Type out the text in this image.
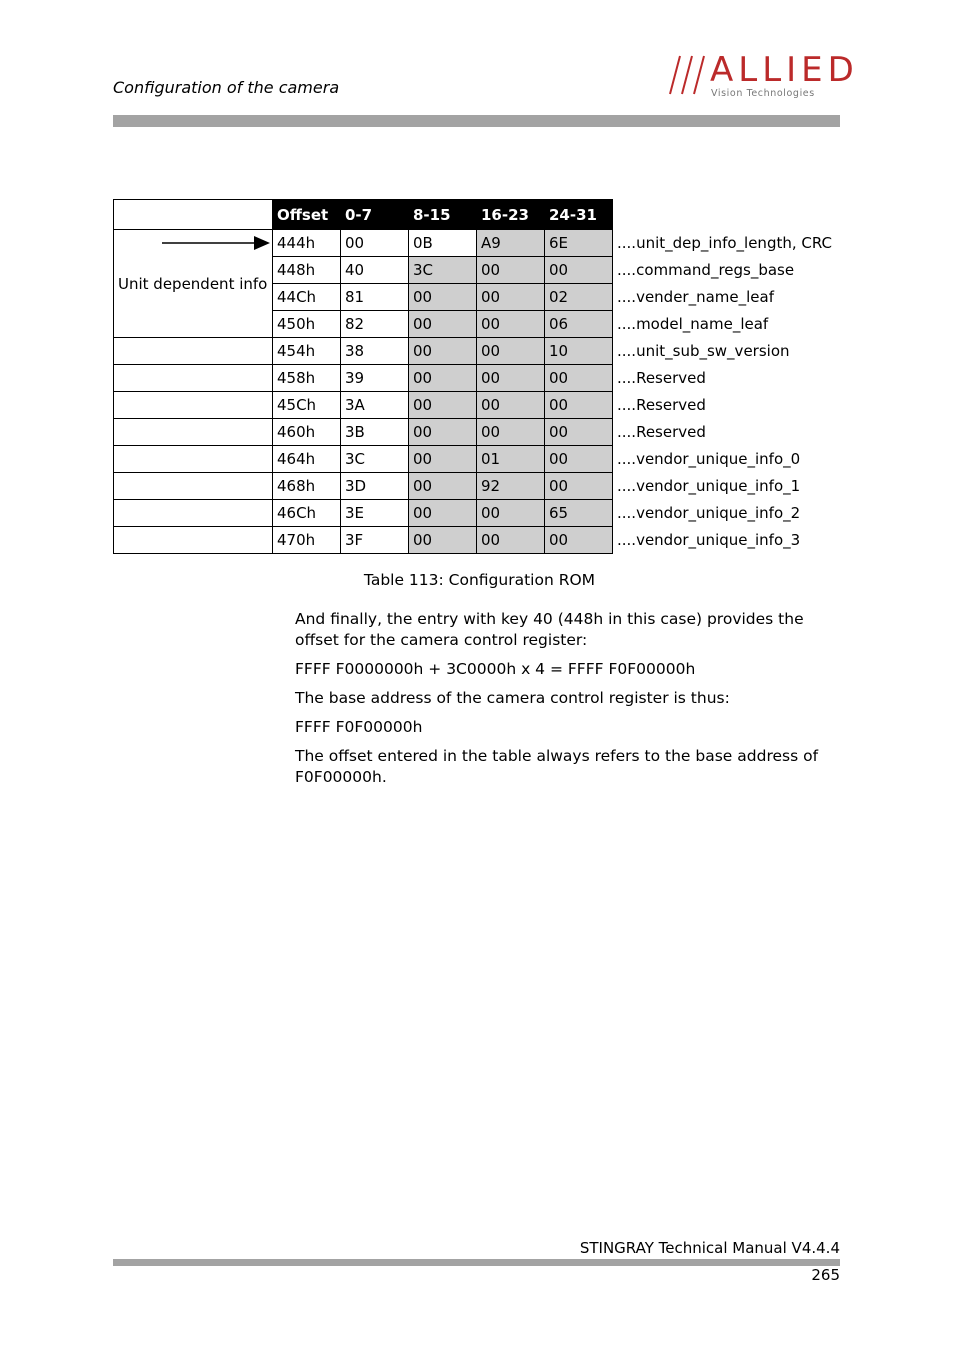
Configuration of the camera	ALLIED
Vision Technologies
	Offset	0-7	8-15	16-23	24-31	
Unit dependent info	444h	00	0B	A9	6E	....unit_dep_info_length, CRC
	448h	40	3C	00	00	....command_regs_base
	44Ch	81	00	00	02	....vender_name_leaf
	450h	82	00	00	06	....model_name_leaf
	454h	38	00	00	10	....unit_sub_sw_version
	458h	39	00	00	00	....Reserved
	45Ch	3A	00	00	00	....Reserved
	460h	3B	00	00	00	....Reserved
	464h	3C	00	01	00	....vendor_unique_info_0
	468h	3D	00	92	00	....vendor_unique_info_1
	46Ch	3E	00	00	65	....vendor_unique_info_2
	470h	3F	00	00	00	....vendor_unique_info_3
Table 113: Configuration ROM

And finally, the entry with key 40 (448h in this case) provides the offset for the camera control register:

FFFF F0000000h + 3C0000h x 4 = FFFF F0F00000h

The base address of the camera control register is thus:

FFFF F0F00000h

The offset entered in the table always refers to the base address of F0F00000h.

STINGRAY Technical Manual V4.4.4
265
